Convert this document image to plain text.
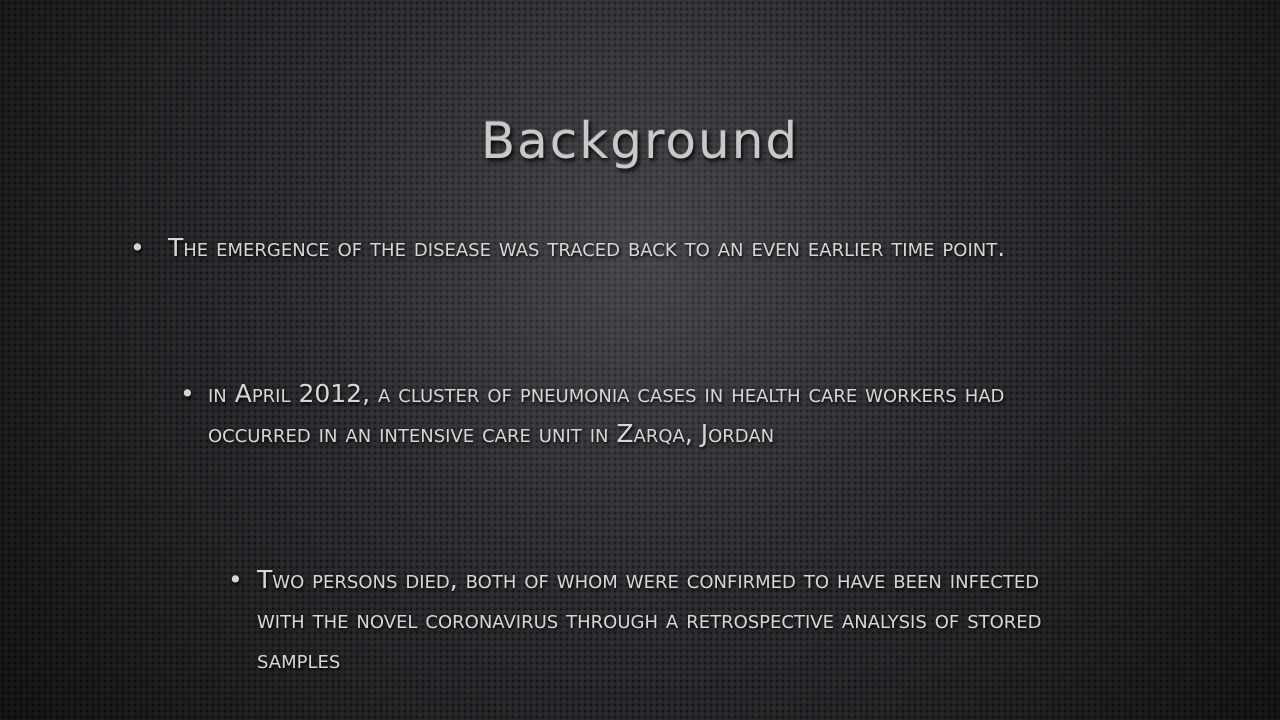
Background
• The emergence of the disease was traced back to an even earlier time point.
• in April 2012, a cluster of pneumonia cases in health care workers had occurred in an intensive care unit in Zarqa, Jordan
• Two persons died, both of whom were confirmed to have been infected with the novel coronavirus through a retrospective analysis of stored samples
